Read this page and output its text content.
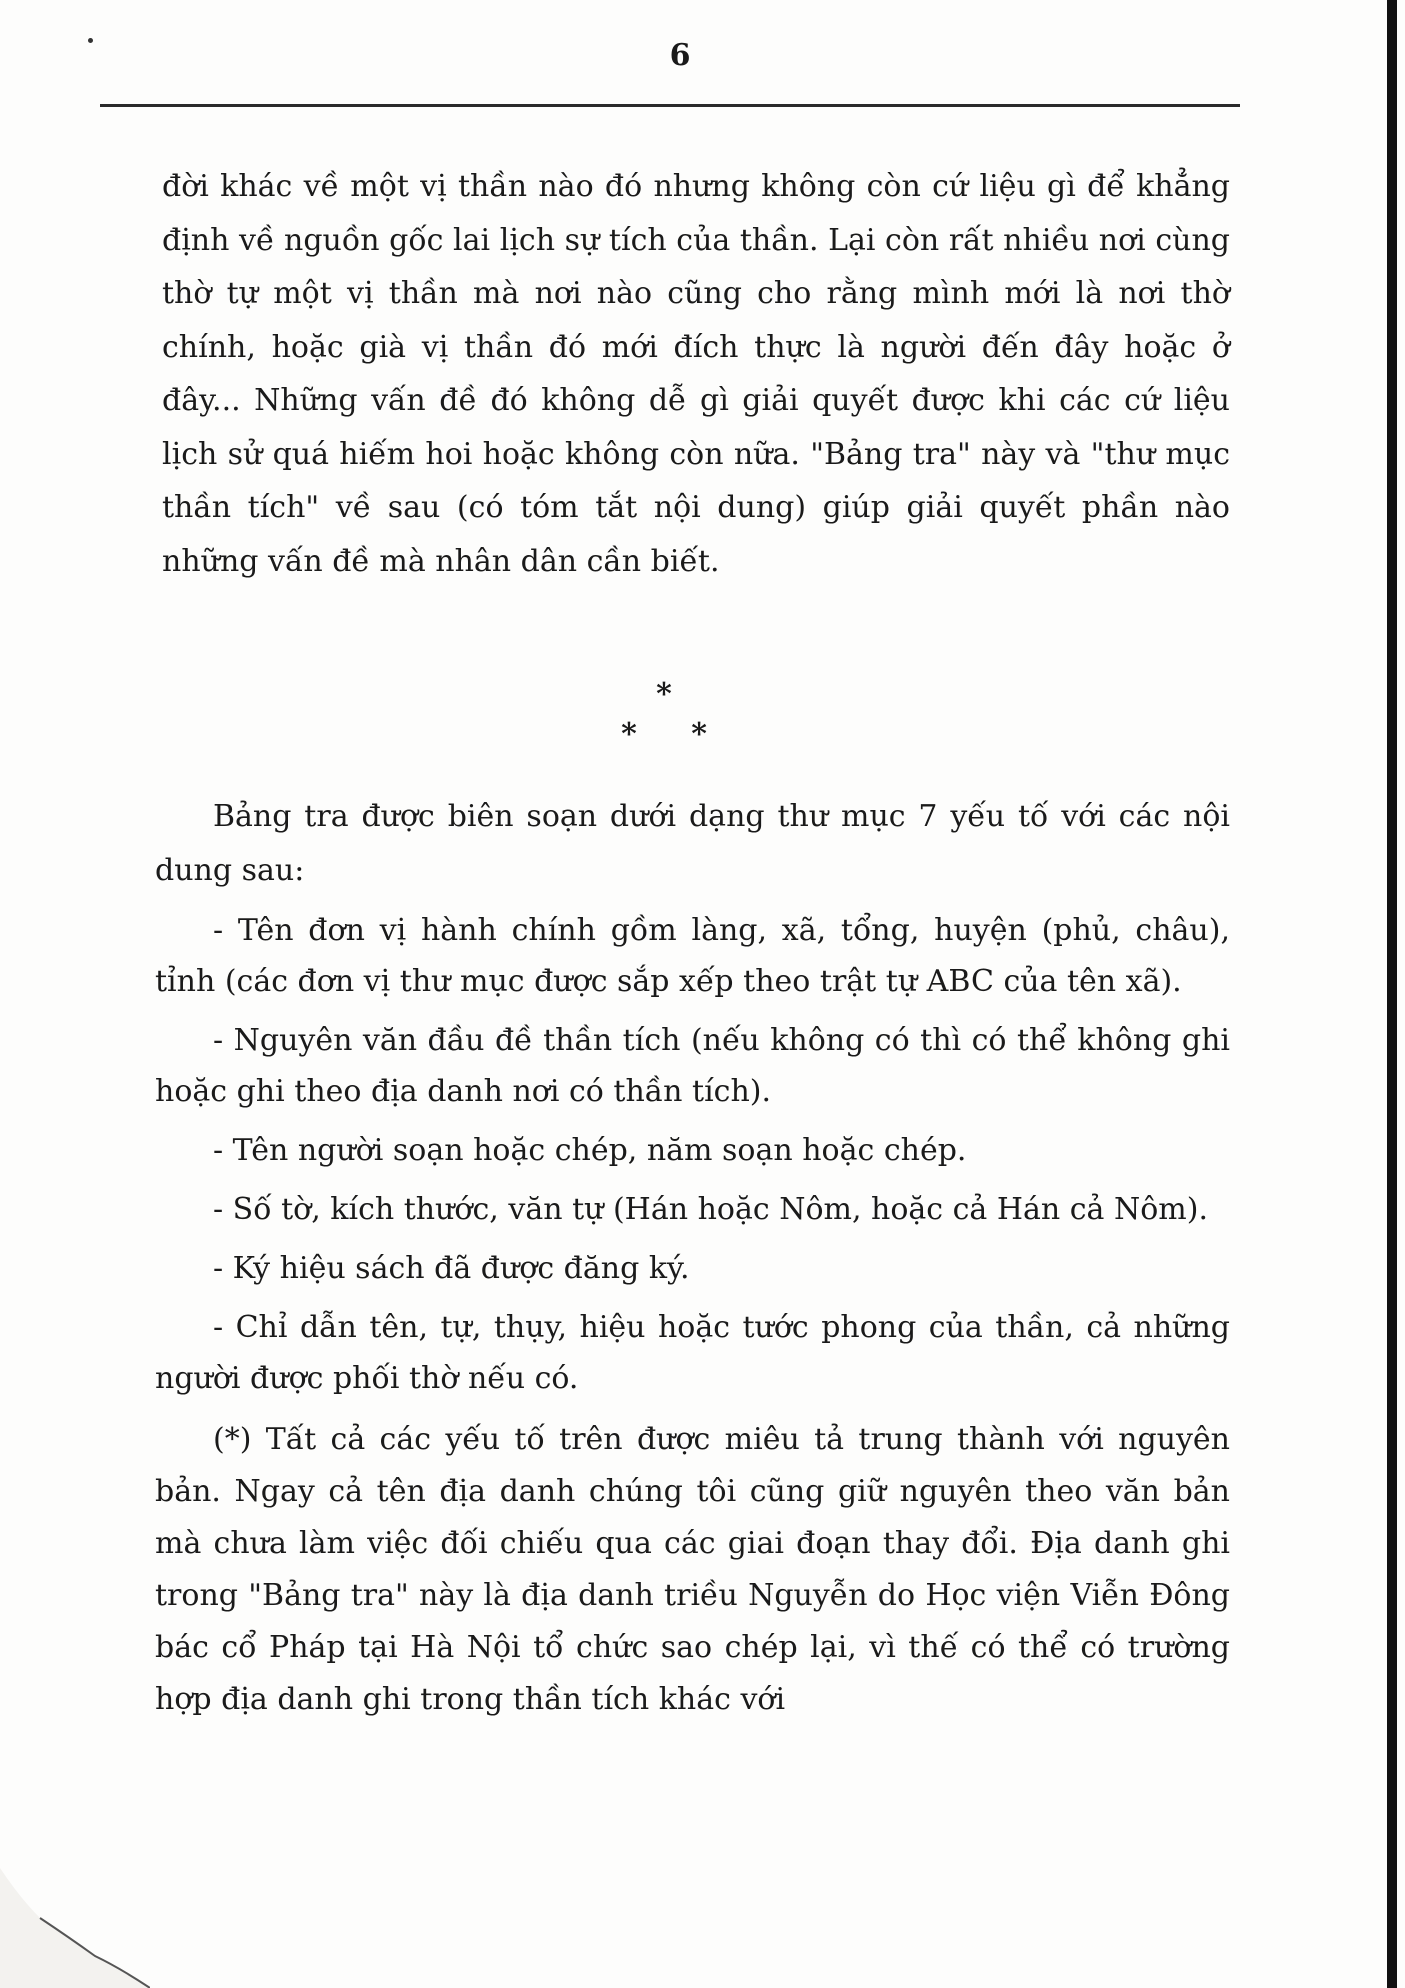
6

đời khác về một vị thần nào đó nhưng không còn cứ liệu gì để khẳng định về nguồn gốc lai lịch sự tích của thần. Lại còn rất nhiều nơi cùng thờ tự một vị thần mà nơi nào cũng cho rằng mình mới là nơi thờ chính, hoặc già vị thần đó mới đích thực là người đến đây hoặc ở đây... Những vấn đề đó không dễ gì giải quyết được khi các cứ liệu lịch sử quá hiếm hoi hoặc không còn nữa. "Bảng tra" này và "thư mục thần tích" về sau (có tóm tắt nội dung) giúp giải quyết phần nào những vấn đề mà nhân dân cần biết.

*
* *

Bảng tra được biên soạn dưới dạng thư mục 7 yếu tố với các nội dung sau:

- Tên đơn vị hành chính gồm làng, xã, tổng, huyện (phủ, châu), tỉnh (các đơn vị thư mục được sắp xếp theo trật tự ABC của tên xã).

- Nguyên văn đầu đề thần tích (nếu không có thì có thể không ghi hoặc ghi theo địa danh nơi có thần tích).

- Tên người soạn hoặc chép, năm soạn hoặc chép.

- Số tờ, kích thước, văn tự (Hán hoặc Nôm, hoặc cả Hán cả Nôm).

- Ký hiệu sách đã được đăng ký.

- Chỉ dẫn tên, tự, thụy, hiệu hoặc tước phong của thần, cả những người được phối thờ nếu có.

(*) Tất cả các yếu tố trên được miêu tả trung thành với nguyên bản. Ngay cả tên địa danh chúng tôi cũng giữ nguyên theo văn bản mà chưa làm việc đối chiếu qua các giai đoạn thay đổi. Địa danh ghi trong "Bảng tra" này là địa danh triều Nguyễn do Học viện Viễn Đông bác cổ Pháp tại Hà Nội tổ chức sao chép lại, vì thế có thể có trường hợp địa danh ghi trong thần tích khác với
